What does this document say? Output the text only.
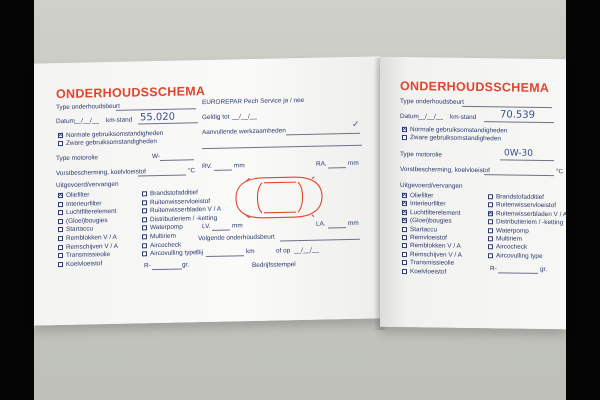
ONDERHOUDSSCHEMA
Type onderhoudsbeurt
Datum __/__/__ km-stand 55.020
✕
Normale gebruiksomstandigheden
Zware gebruiksomstandigheden
Type motorolie	W-
Vorstbescherming, koelvloeistof	°C
EUROREPAR Pech Service ja / nee
Geldig tot __/__/__
Aanvullende werkzaamheden
✓
RV.	mm	RA.	mm
LV.	mm	LA.	mm
Volgende onderhoudsbeurt
Bij	km	of op __/__/__
Bedrijfsstempel
Uitgevoerd/vervangen
✕
Oliefilter
Interieurfilter
Luchtfilterelement
(Gloei)bougies
Startaccu
Remblokken V / A
Remschijven V / A
Transmissieolie
Koelvloeistof
Brandstofadditief
Ruitenwisservloeistof
Ruitenwisserbladen V / A
Distributieriem / -ketting
Waterpomp
Multiriem
Aircocheck
Aircovulling type
R-	gr.
ONDERHOUDSSCHEMA
Type onderhoudsbeurt
Datum __/__/__ km-stand 70.539
✕
Normale gebruiksomstandigheden
Zware gebruiksomstandigheden
Type motorolie	0W-30
Vorstbescherming, koelvloeistof	°C
Uitgevoerd/vervangen
✕
Oliefilter
✕
Interieurfilter
✕
Luchtfilterelement
✕
(Gloei)bougies
Startaccu
Remvloeistof
Remblokken V / A
Remschijven V / A
Transmissieolie
Koelvloeistof
Brandstofadditief
Ruitenwisservloeistof
✕
Ruitenwisserbladen V / A
Distributieriem / -ketting
Waterpomp
Multiriem
Aircocheck
Aircovulling type
R-	gr.
